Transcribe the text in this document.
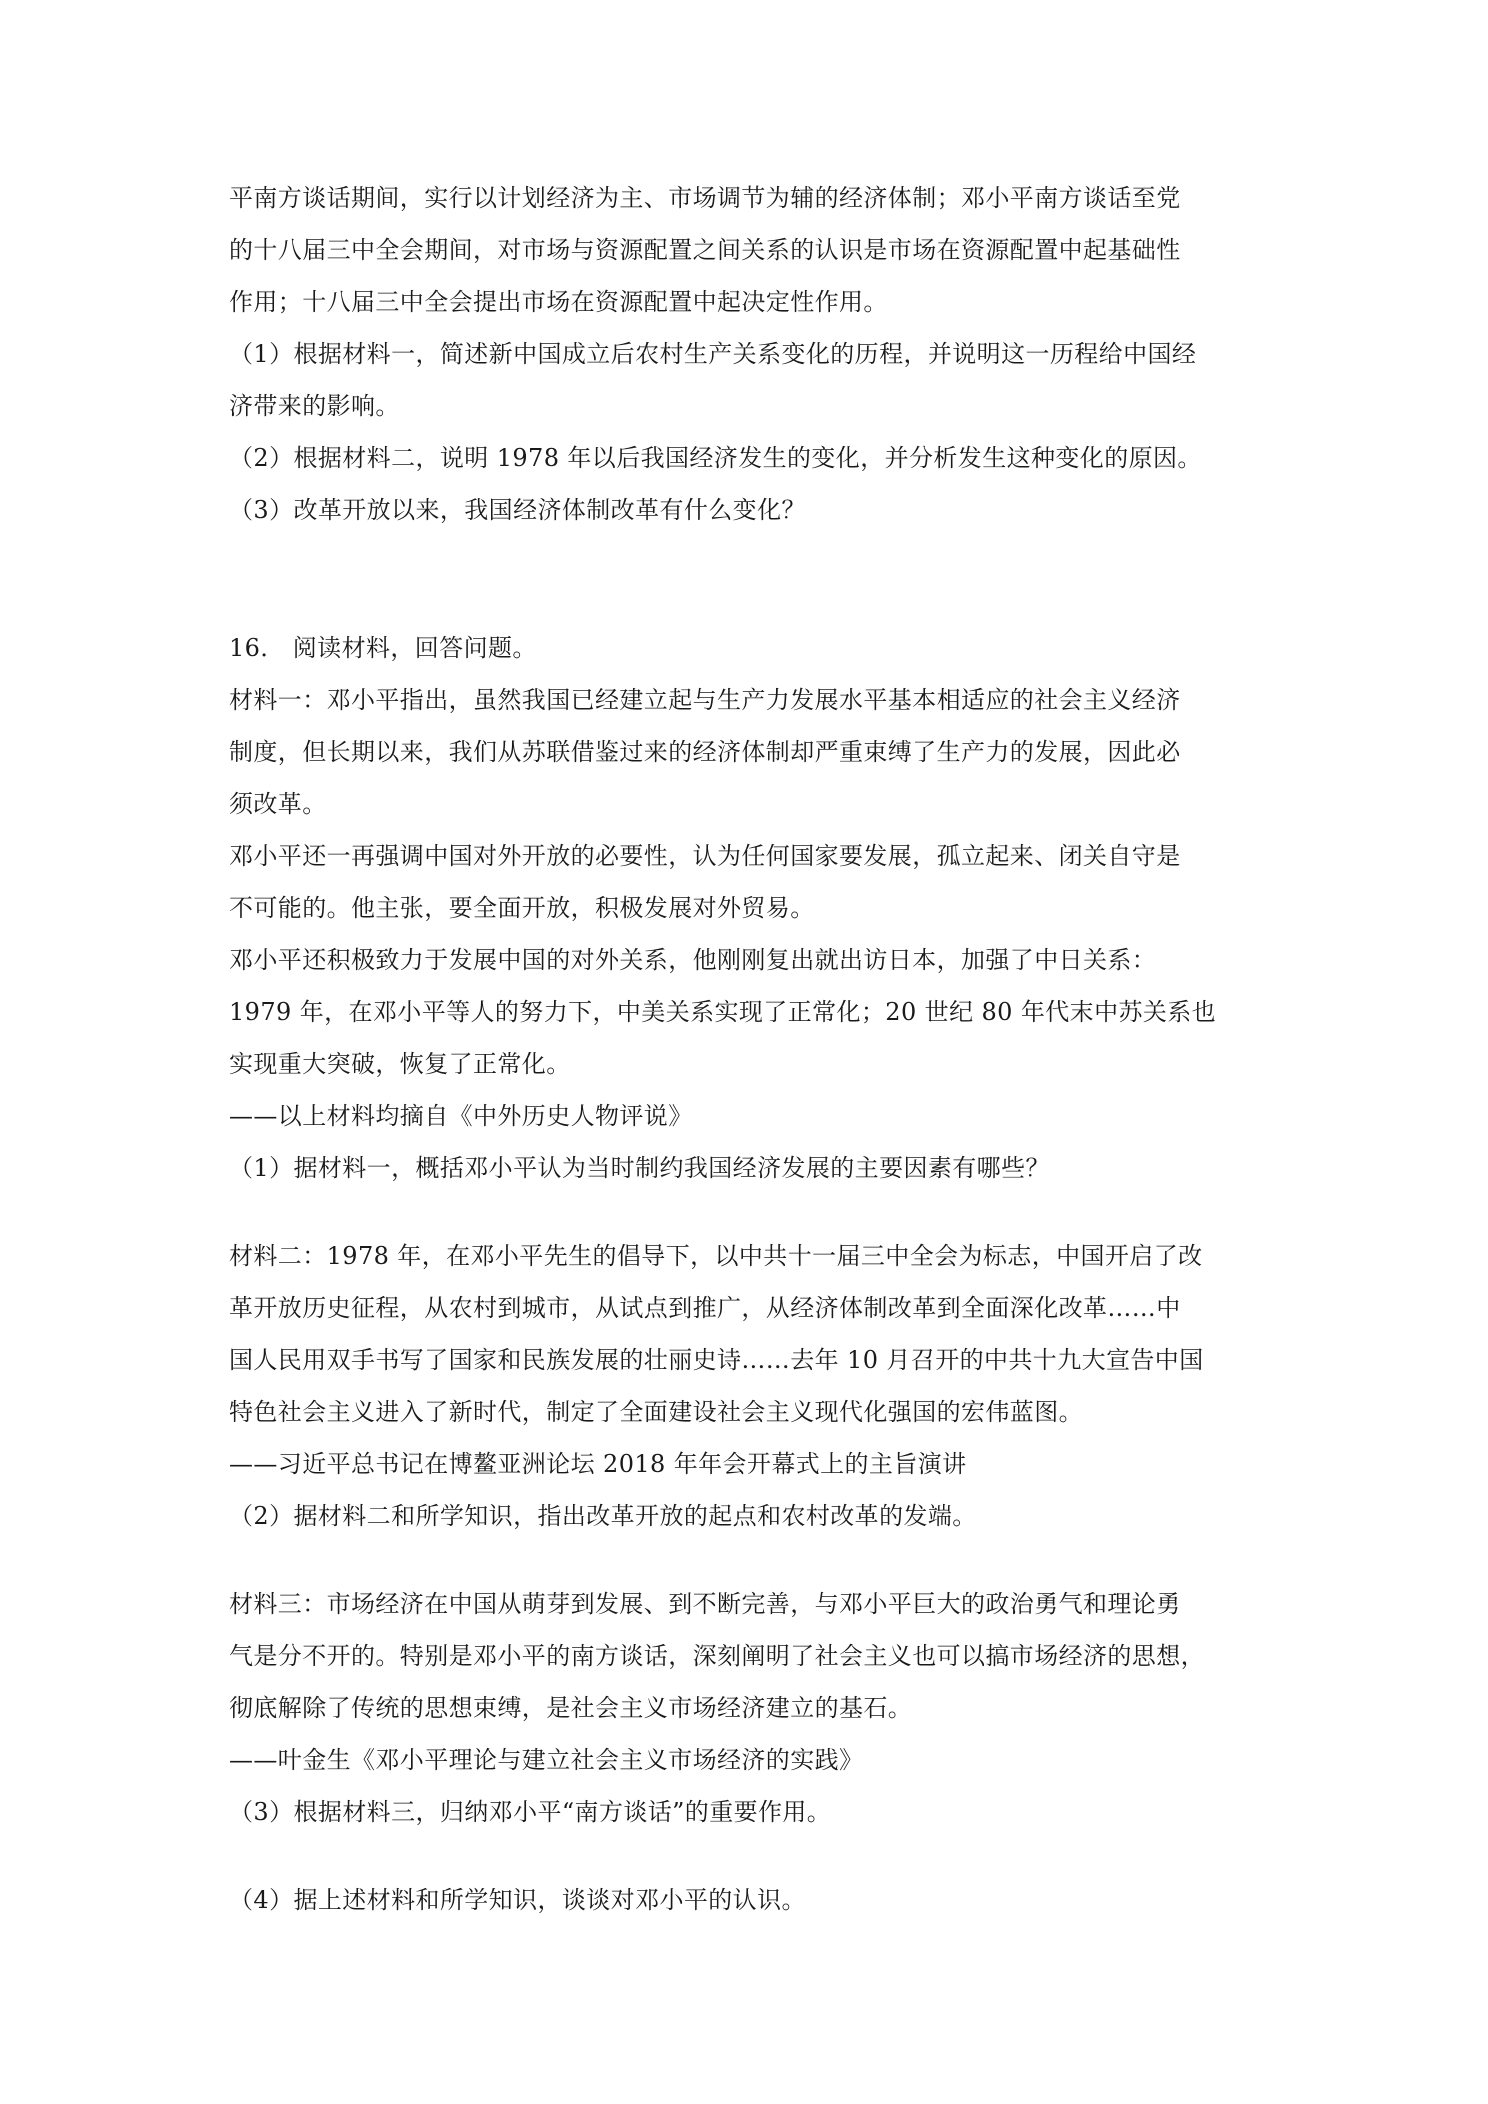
平南方谈话期间，实行以计划经济为主、市场调节为辅的经济体制；邓小平南方谈话至党
的十八届三中全会期间，对市场与资源配置之间关系的认识是市场在资源配置中起基础性
作用；十八届三中全会提出市场在资源配置中起决定性作用。
（1）根据材料一，简述新中国成立后农村生产关系变化的历程，并说明这一历程给中国经
济带来的影响。
（2）根据材料二，说明 1978 年以后我国经济发生的变化，并分析发生这种变化的原因。
（3）改革开放以来，我国经济体制改革有什么变化？
16． 阅读材料，回答问题。
材料一：邓小平指出，虽然我国已经建立起与生产力发展水平基本相适应的社会主义经济
制度，但长期以来，我们从苏联借鉴过来的经济体制却严重束缚了生产力的发展，因此必
须改革。
邓小平还一再强调中国对外开放的必要性，认为任何国家要发展，孤立起来、闭关自守是
不可能的。他主张，要全面开放，积极发展对外贸易。
邓小平还积极致力于发展中国的对外关系，他刚刚复出就出访日本，加强了中日关系：
1979 年，在邓小平等人的努力下，中美关系实现了正常化；20 世纪 80 年代末中苏关系也
实现重大突破，恢复了正常化。
——以上材料均摘自《中外历史人物评说》
（1）据材料一，概括邓小平认为当时制约我国经济发展的主要因素有哪些？
材料二：1978 年，在邓小平先生的倡导下，以中共十一届三中全会为标志，中国开启了改
革开放历史征程，从农村到城市，从试点到推广，从经济体制改革到全面深化改革……中
国人民用双手书写了国家和民族发展的壮丽史诗……去年 10 月召开的中共十九大宣告中国
特色社会主义进入了新时代，制定了全面建设社会主义现代化强国的宏伟蓝图。
——习近平总书记在博鳌亚洲论坛 2018 年年会开幕式上的主旨演讲
（2）据材料二和所学知识，指出改革开放的起点和农村改革的发端。
材料三：市场经济在中国从萌芽到发展、到不断完善，与邓小平巨大的政治勇气和理论勇
气是分不开的。特别是邓小平的南方谈话，深刻阐明了社会主义也可以搞市场经济的思想，
彻底解除了传统的思想束缚，是社会主义市场经济建立的基石。
——叶金生《邓小平理论与建立社会主义市场经济的实践》
（3）根据材料三，归纳邓小平“南方谈话”的重要作用。
（4）据上述材料和所学知识，谈谈对邓小平的认识。
